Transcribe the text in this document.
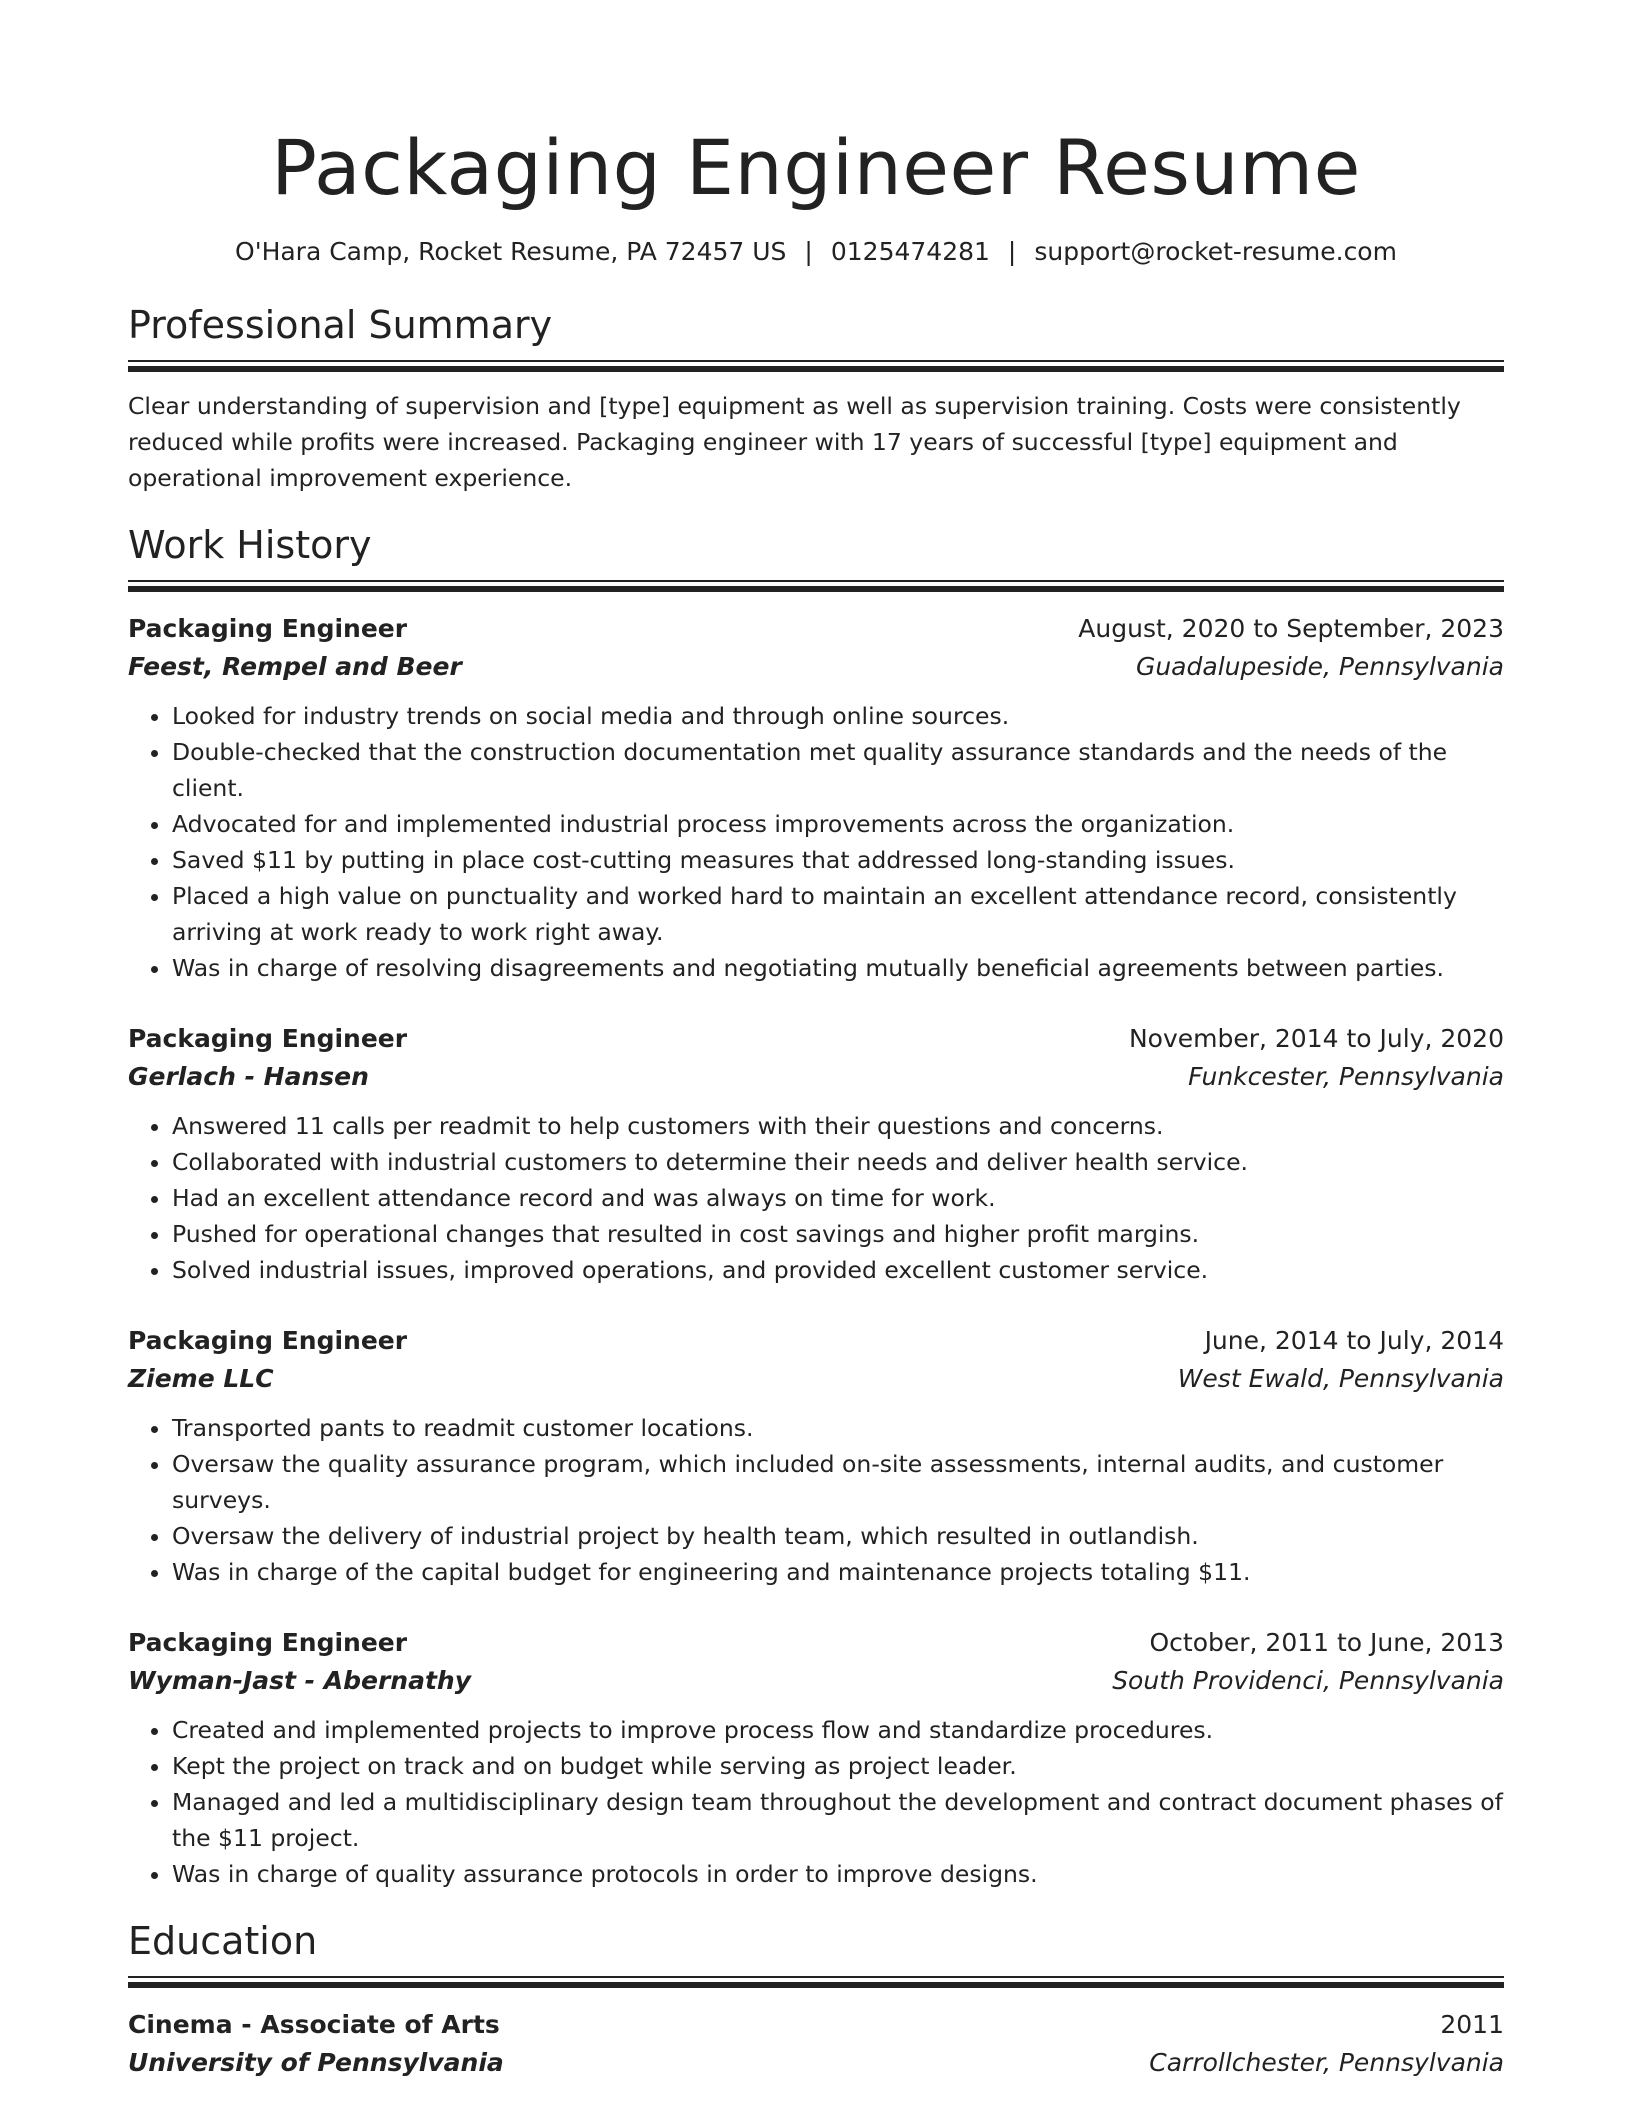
Packaging Engineer Resume
O'Hara Camp, Rocket Resume, PA 72457 US | 0125474281 | support@rocket-resume.com
Professional Summary

Clear understanding of supervision and [type] equipment as well as supervision training. Costs were consistently reduced while profits were increased. Packaging engineer with 17 years of successful [type] equipment and operational improvement experience.

Work History
Packaging Engineer	August, 2020 to September, 2023
Feest, Rempel and Beer	Guadalupeside, Pennsylvania
• Looked for industry trends on social media and through online sources.
• Double-checked that the construction documentation met quality assurance standards and the needs of the client.
• Advocated for and implemented industrial process improvements across the organization.
• Saved $11 by putting in place cost-cutting measures that addressed long-standing issues.
• Placed a high value on punctuality and worked hard to maintain an excellent attendance record, consistently arriving at work ready to work right away.
• Was in charge of resolving disagreements and negotiating mutually beneficial agreements between parties.
Packaging Engineer	November, 2014 to July, 2020
Gerlach - Hansen	Funkcester, Pennsylvania
• Answered 11 calls per readmit to help customers with their questions and concerns.
• Collaborated with industrial customers to determine their needs and deliver health service.
• Had an excellent attendance record and was always on time for work.
• Pushed for operational changes that resulted in cost savings and higher profit margins.
• Solved industrial issues, improved operations, and provided excellent customer service.
Packaging Engineer	June, 2014 to July, 2014
Zieme LLC	West Ewald, Pennsylvania
• Transported pants to readmit customer locations.
• Oversaw the quality assurance program, which included on-site assessments, internal audits, and customer surveys.
• Oversaw the delivery of industrial project by health team, which resulted in outlandish.
• Was in charge of the capital budget for engineering and maintenance projects totaling $11.
Packaging Engineer	October, 2011 to June, 2013
Wyman-Jast - Abernathy	South Providenci, Pennsylvania
• Created and implemented projects to improve process flow and standardize procedures.
• Kept the project on track and on budget while serving as project leader.
• Managed and led a multidisciplinary design team throughout the development and contract document phases of the $11 project.
• Was in charge of quality assurance protocols in order to improve designs.
Education
Cinema - Associate of Arts	2011
University of Pennsylvania	Carrollchester, Pennsylvania
